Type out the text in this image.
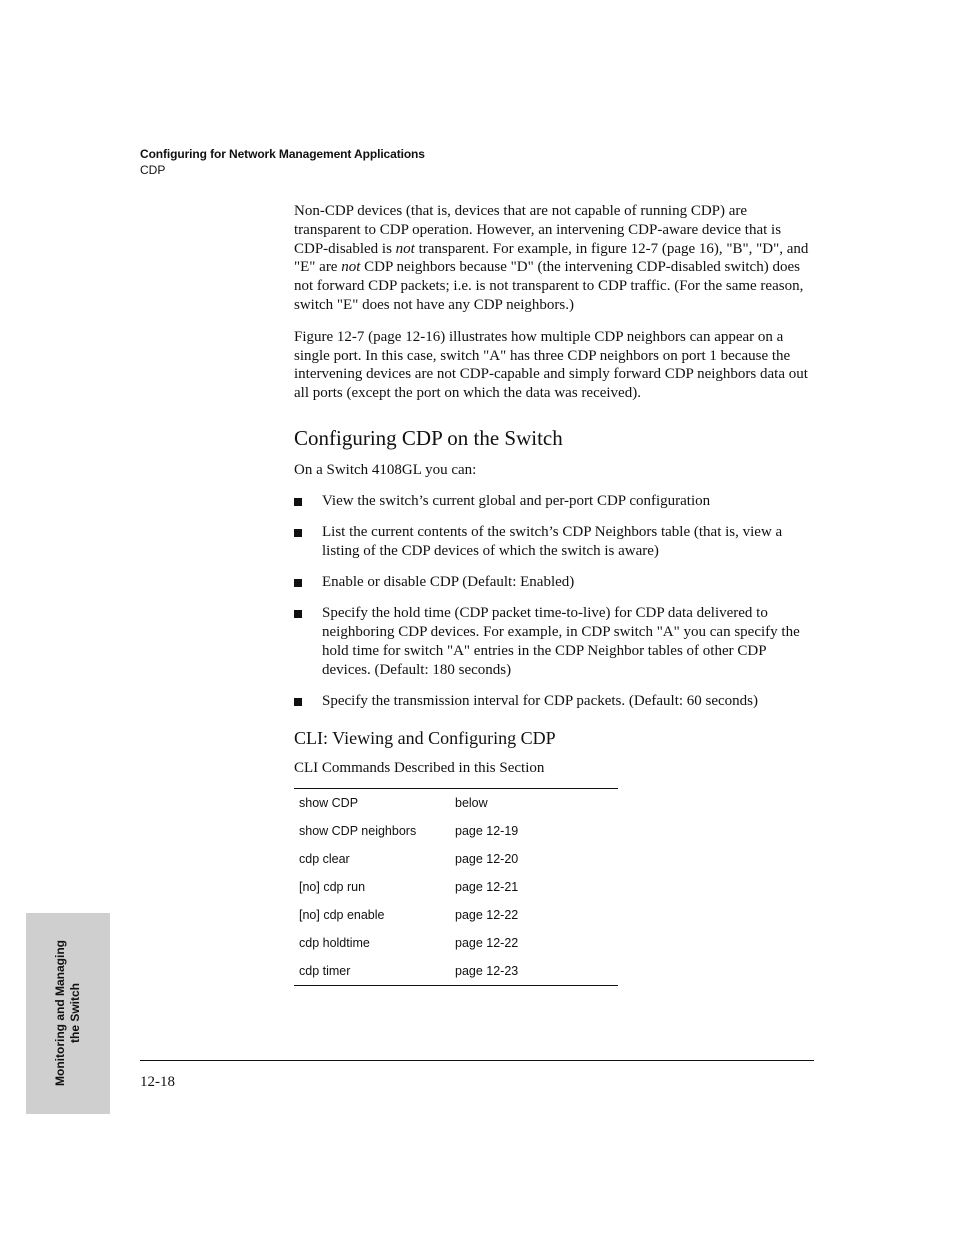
Configuring for Network Management Applications
CDP

Non-CDP devices (that is, devices that are not capable of running CDP) are transparent to CDP operation. However, an intervening CDP-aware device that is CDP-disabled is not transparent. For example, in figure 12-7 (page 16), "B", "D", and "E" are not CDP neighbors because "D" (the intervening CDP-disabled switch) does not forward CDP packets; i.e. is not transparent to CDP traffic. (For the same reason, switch "E" does not have any CDP neighbors.)

Figure 12-7 (page 12-16) illustrates how multiple CDP neighbors can appear on a single port. In this case, switch "A" has three CDP neighbors on port 1 because the intervening devices are not CDP-capable and simply forward CDP neighbors data out all ports (except the port on which the data was received).

Configuring CDP on the Switch
On a Switch 4108GL you can:
View the switch’s current global and per-port CDP configuration
List the current contents of the switch’s CDP Neighbors table (that is, view a listing of the CDP devices of which the switch is aware)
Enable or disable CDP (Default: Enabled)
Specify the hold time (CDP packet time-to-live) for CDP data delivered to neighboring CDP devices. For example, in CDP switch "A" you can specify the hold time for switch "A" entries in the CDP Neighbor tables of other CDP devices. (Default: 180 seconds)
Specify the transmission interval for CDP packets. (Default: 60 seconds)
CLI: Viewing and Configuring CDP
CLI Commands Described in this Section
show CDP	below
show CDP neighbors	page 12-19
cdp clear	page 12-20
[no] cdp run	page 12-21
[no] cdp enable	page 12-22
cdp holdtime	page 12-22
cdp timer	page 12-23
12-18
Monitoring and Managing the Switch
